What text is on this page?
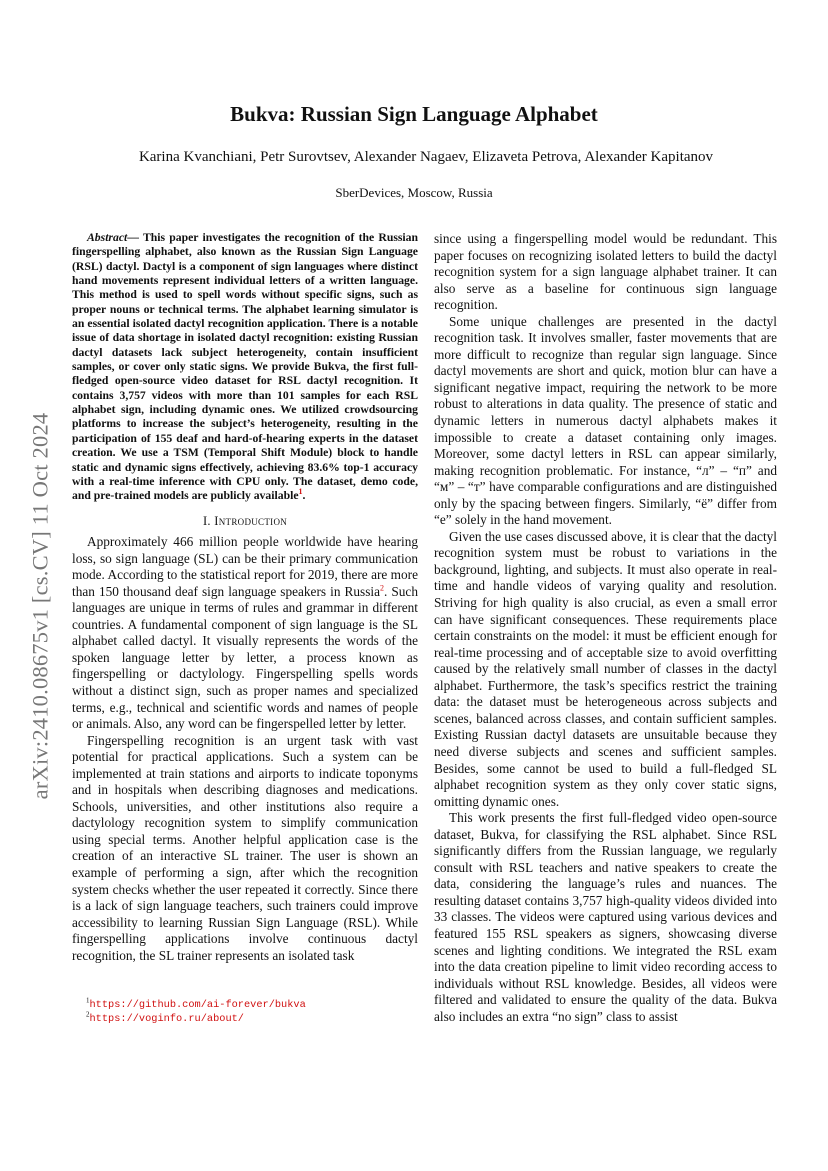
arXiv:2410.08675v1 [cs.CV] 11 Oct 2024
Bukva: Russian Sign Language Alphabet
Karina Kvanchiani, Petr Surovtsev, Alexander Nagaev, Elizaveta Petrova, Alexander Kapitanov
SberDevices, Moscow, Russia

Abstract— This paper investigates the recognition of the Russian fingerspelling alphabet, also known as the Russian Sign Language (RSL) dactyl. Dactyl is a component of sign languages where distinct hand movements represent individual letters of a written language. This method is used to spell words without specific signs, such as proper nouns or technical terms. The alphabet learning simulator is an essential isolated dactyl recognition application. There is a notable issue of data shortage in isolated dactyl recognition: existing Russian dactyl datasets lack subject heterogeneity, contain insufficient samples, or cover only static signs. We provide Bukva, the first full-fledged open-source video dataset for RSL dactyl recognition. It contains 3,757 videos with more than 101 samples for each RSL alphabet sign, including dynamic ones. We utilized crowdsourcing platforms to increase the subject’s heterogeneity, resulting in the participation of 155 deaf and hard-of-hearing experts in the dataset creation. We use a TSM (Temporal Shift Module) block to handle static and dynamic signs effectively, achieving 83.6% top-1 accuracy with a real-time inference with CPU only. The dataset, demo code, and pre-trained models are publicly available$^1$.

I. Introduction

Approximately 466 million people worldwide have hearing loss, so sign language (SL) can be their primary communication mode. According to the statistical report for 2019, there are more than 150 thousand deaf sign language speakers in Russia$^2$. Such languages are unique in terms of rules and grammar in different countries. A fundamental component of sign language is the SL alphabet called dactyl. It visually represents the words of the spoken language letter by letter, a process known as fingerspelling or dactylology. Fingerspelling spells words without a distinct sign, such as proper names and specialized terms, e.g., technical and scientific words and names of people or animals. Also, any word can be fingerspelled letter by letter.

Fingerspelling recognition is an urgent task with vast potential for practical applications. Such a system can be implemented at train stations and airports to indicate toponyms and in hospitals when describing diagnoses and medications. Schools, universities, and other institutions also require a dactylology recognition system to simplify communication using special terms. Another helpful application case is the creation of an interactive SL trainer. The user is shown an example of performing a sign, after which the recognition system checks whether the user repeated it correctly. Since there is a lack of sign language teachers, such trainers could improve accessibility to learning Russian Sign Language (RSL). While fingerspelling applications involve continuous dactyl recognition, the SL trainer represents an isolated task

since using a fingerspelling model would be redundant. This paper focuses on recognizing isolated letters to build the dactyl recognition system for a sign language alphabet trainer. It can also serve as a baseline for continuous sign language recognition.

Some unique challenges are presented in the dactyl recognition task. It involves smaller, faster movements that are more difficult to recognize than regular sign language. Since dactyl movements are short and quick, motion blur can have a significant negative impact, requiring the network to be more robust to alterations in data quality. The presence of static and dynamic letters in numerous dactyl alphabets makes it impossible to create a dataset containing only images. Moreover, some dactyl letters in RSL can appear similarly, making recognition problematic. For instance, “л” – “п” and “м” – “т” have comparable configurations and are distinguished only by the spacing between fingers. Similarly, “ё” differ from “е” solely in the hand movement.

Given the use cases discussed above, it is clear that the dactyl recognition system must be robust to variations in the background, lighting, and subjects. It must also operate in real-time and handle videos of varying quality and resolution. Striving for high quality is also crucial, as even a small error can have significant consequences. These requirements place certain constraints on the model: it must be efficient enough for real-time processing and of acceptable size to avoid overfitting caused by the relatively small number of classes in the dactyl alphabet. Furthermore, the task’s specifics restrict the training data: the dataset must be heterogeneous across subjects and scenes, balanced across classes, and contain sufficient samples. Existing Russian dactyl datasets are unsuitable because they need diverse subjects and scenes and sufficient samples. Besides, some cannot be used to build a full-fledged SL alphabet recognition system as they only cover static signs, omitting dynamic ones.

This work presents the first full-fledged video open-source dataset, Bukva, for classifying the RSL alphabet. Since RSL significantly differs from the Russian language, we regularly consult with RSL teachers and native speakers to create the data, considering the language’s rules and nuances. The resulting dataset contains 3,757 high-quality videos divided into 33 classes. The videos were captured using various devices and featured 155 RSL speakers as signers, showcasing diverse scenes and lighting conditions. We integrated the RSL exam into the data creation pipeline to limit video recording access to individuals without RSL knowledge. Besides, all videos were filtered and validated to ensure the quality of the data. Bukva also includes an extra “no sign” class to assist

$^1$https://github.com/ai-forever/bukva
$^2$https://voginfo.ru/about/
